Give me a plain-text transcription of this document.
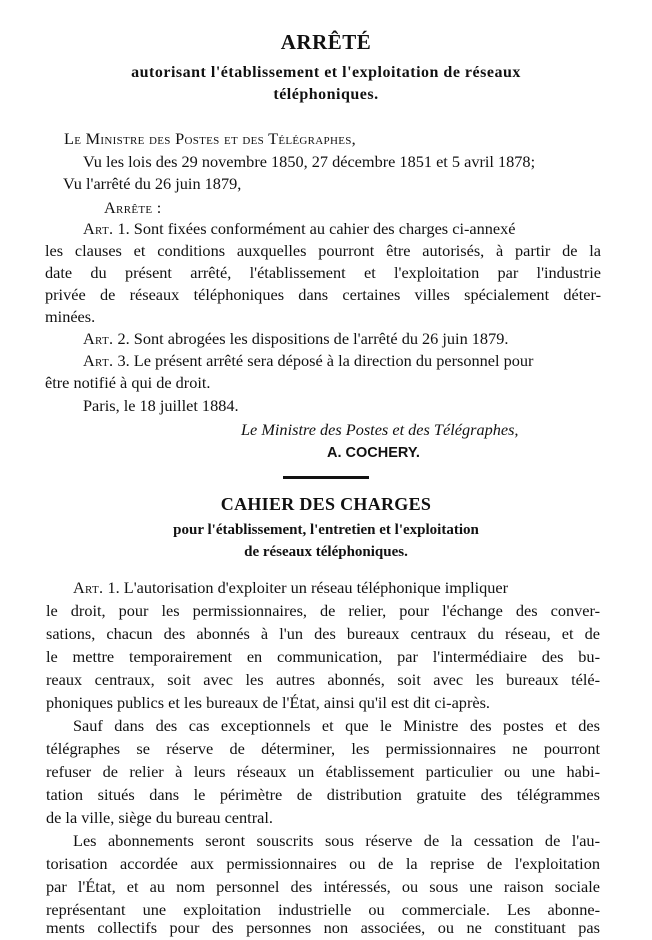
ARRÊTÉ
autorisant l'établissement et l'exploitation de réseaux
téléphoniques.
Le Ministre des Postes et des Télégraphes,
Vu les lois des 29 novembre 1850, 27 décembre 1851 et 5 avril 1878;
Vu l'arrêté du 26 juin 1879,
Arrête :
Art. 1. Sont fixées conformément au cahier des charges ci-annexé
les clauses et conditions auxquelles pourront être autorisés, à partir de la
date du présent arrêté, l'établissement et l'exploitation par l'industrie
privée de réseaux téléphoniques dans certaines villes spécialement déter-
minées.
Art. 2. Sont abrogées les dispositions de l'arrêté du 26 juin 1879.
Art. 3. Le présent arrêté sera déposé à la direction du personnel pour
être notifié à qui de droit.
Paris, le 18 juillet 1884.
Le Ministre des Postes et des Télégraphes,
A. COCHERY.
CAHIER DES CHARGES
pour l'établissement, l'entretien et l'exploitation
de réseaux téléphoniques.
Art. 1. L'autorisation d'exploiter un réseau téléphonique impliquer
le droit, pour les permissionnaires, de relier, pour l'échange des conver-
sations, chacun des abonnés à l'un des bureaux centraux du réseau, et de
le mettre temporairement en communication, par l'intermédiaire des bu-
reaux centraux, soit avec les autres abonnés, soit avec les bureaux télé-
phoniques publics et les bureaux de l'État, ainsi qu'il est dit ci-après.
Sauf dans des cas exceptionnels et que le Ministre des postes et des
télégraphes se réserve de déterminer, les permissionnaires ne pourront
refuser de relier à leurs réseaux un établissement particulier ou une habi-
tation situés dans le périmètre de distribution gratuite des télégrammes
de la ville, siège du bureau central.
Les abonnements seront souscrits sous réserve de la cessation de l'au-
torisation accordée aux permissionnaires ou de la reprise de l'exploitation
par l'État, et au nom personnel des intéressés, ou sous une raison sociale
représentant une exploitation industrielle ou commerciale. Les abonne-
ments collectifs pour des personnes non associées, ou ne constituant pas
